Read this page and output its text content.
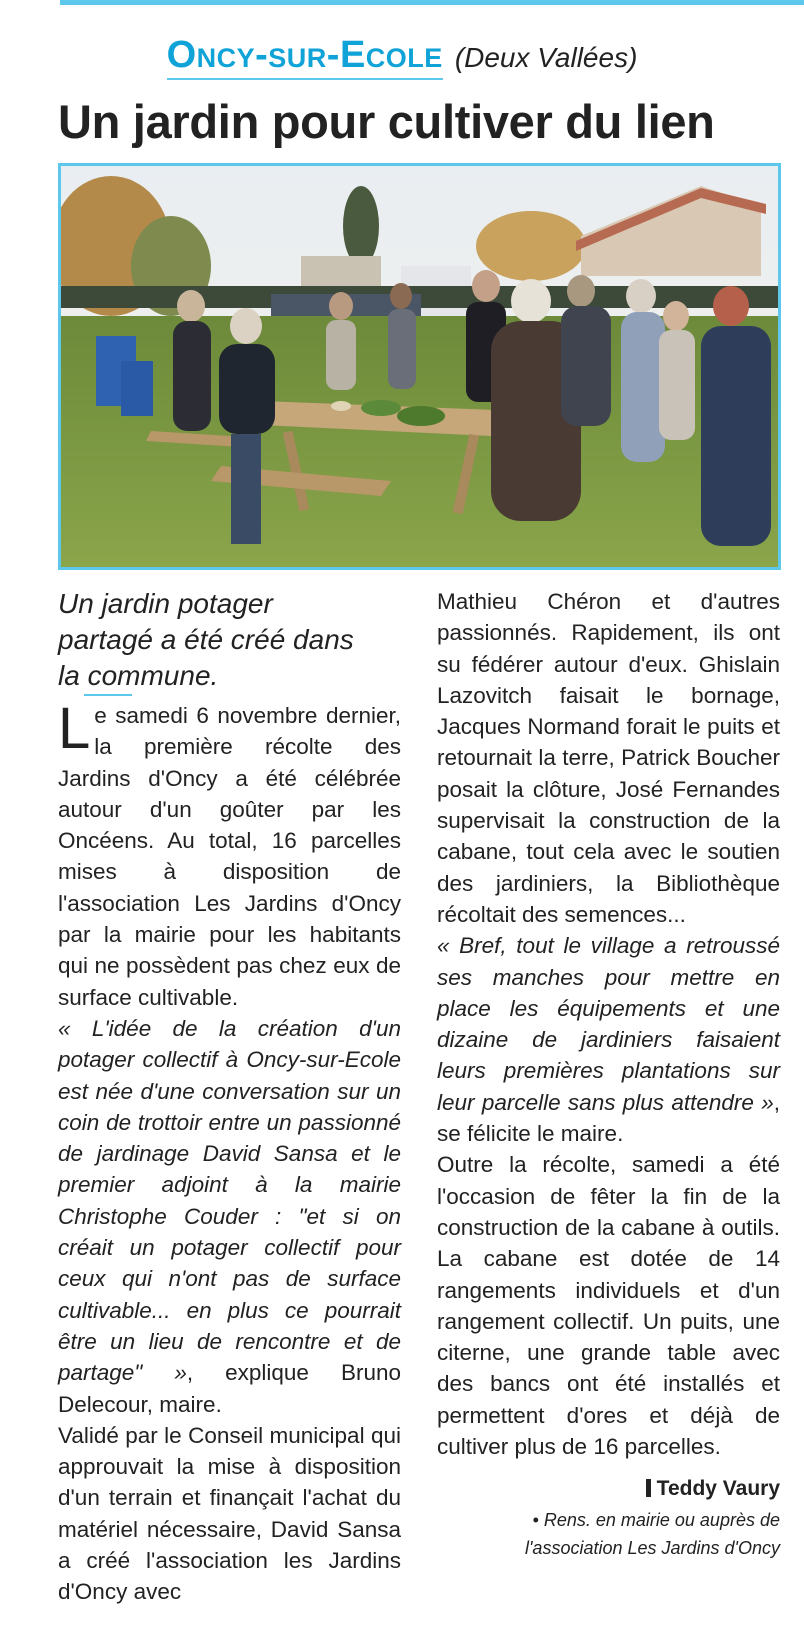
Oncy-sur-Ecole (Deux Vallées)
Un jardin pour cultiver du lien

Un jardin potager partagé a été créé dans la commune.

Le samedi 6 novembre dernier, la première récolte des Jardins d'Oncy a été célébrée autour d'un goûter par les Oncéens. Au total, 16 parcelles mises à disposition de l'association Les Jardins d'Oncy par la mairie pour les habitants qui ne possèdent pas chez eux de surface cultivable.

« L'idée de la création d'un potager collectif à Oncy-sur-Ecole est née d'une conversation sur un coin de trottoir entre un passionné de jardinage David Sansa et le premier adjoint à la mairie Christophe Couder : "et si on créait un potager collectif pour ceux qui n'ont pas de surface cultivable... en plus ce pourrait être un lieu de rencontre et de partage" », explique Bruno Delecour, maire.

Validé par le Conseil municipal qui approuvait la mise à disposition d'un terrain et finançait l'achat du matériel nécessaire, David Sansa a créé l'association les Jardins d'Oncy avec

Mathieu Chéron et d'autres passionnés. Rapidement, ils ont su fédérer autour d'eux. Ghislain Lazovitch faisait le bornage, Jacques Normand forait le puits et retournait la terre, Patrick Boucher posait la clôture, José Fernandes supervisait la construction de la cabane, tout cela avec le soutien des jardiniers, la Bibliothèque récoltait des semences...

« Bref, tout le village a retroussé ses manches pour mettre en place les équipements et une dizaine de jardiniers faisaient leurs premières plantations sur leur parcelle sans plus attendre », se félicite le maire.

Outre la récolte, samedi a été l'occasion de fêter la fin de la construction de la cabane à outils. La cabane est dotée de 14 rangements individuels et d'un rangement collectif. Un puits, une citerne, une grande table avec des bancs ont été installés et permettent d'ores et déjà de cultiver plus de 16 parcelles.

Teddy Vaury
• Rens. en mairie ou auprès de l'association Les Jardins d'Oncy
